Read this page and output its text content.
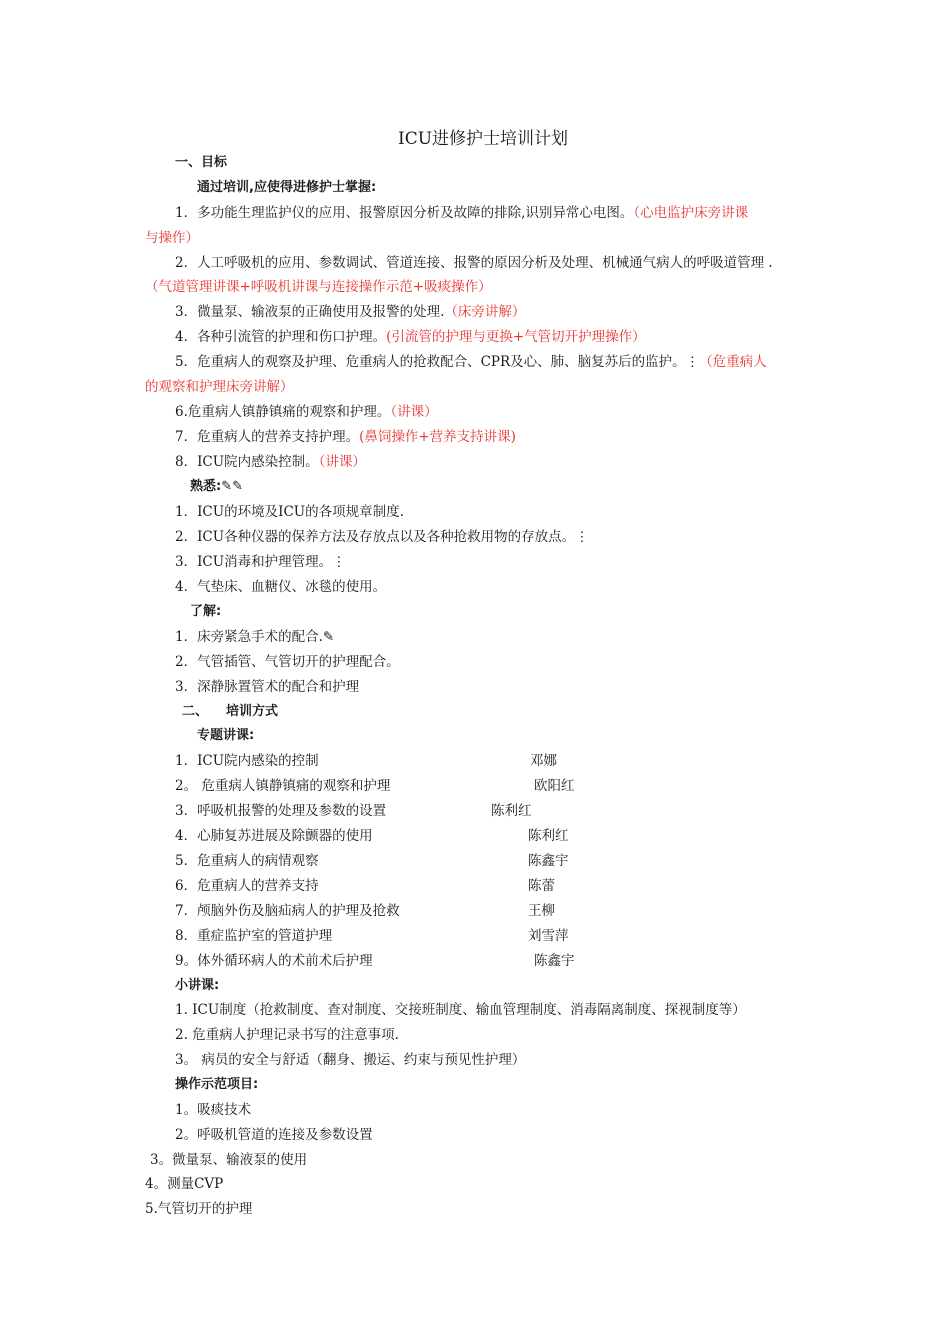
ICU进修护士培训计划
一、目标
通过培训,应使得进修护士掌握:
1．多功能生理监护仪的应用、报警原因分析及故障的排除,识别异常心电图。（心电监护床旁讲课
与操作）
2．人工呼吸机的应用、参数调试、管道连接、报警的原因分析及处理、机械通气病人的呼吸道管理 .
（气道管理讲课+呼吸机讲课与连接操作示范+吸痰操作）
3．微量泵、输液泵的正确使用及报警的处理.（床旁讲解）
4．各种引流管的护理和伤口护理。(引流管的护理与更换+气管切开护理操作）
5．危重病人的观察及护理、危重病人的抢救配合、CPR及心、肺、脑复苏后的监护。⋮（危重病人
的观察和护理床旁讲解）
6.危重病人镇静镇痛的观察和护理。（讲课）
7．危重病人的营养支持护理。(鼻饲操作+营养支持讲课)
8．ICU院内感染控制。（讲课）
熟悉:✎✎
1．ICU的环境及ICU的各项规章制度.
2．ICU各种仪器的保养方法及存放点以及各种抢救用物的存放点。⋮
3．ICU消毒和护理管理。⋮
4．气垫床、血糖仪、冰毯的使用。
了解:
1．床旁紧急手术的配合.✎
2．气管插管、气管切开的护理配合。
3．深静脉置管术的配合和护理
二、 培训方式
专题讲课:
1．ICU院内感染的控制	邓娜
2。 危重病人镇静镇痛的观察和护理	欧阳红
3．呼吸机报警的处理及参数的设置	陈利红
4．心肺复苏进展及除颤器的使用	陈利红
5．危重病人的病情观察	陈鑫宇
6．危重病人的营养支持	陈蕾
7．颅脑外伤及脑疝病人的护理及抢救	王柳
8．重症监护室的管道护理	刘雪萍
9。体外循环病人的术前术后护理	陈鑫宇
小讲课:
1. ICU制度（抢救制度、查对制度、交接班制度、输血管理制度、消毒隔离制度、探视制度等）
2. 危重病人护理记录书写的注意事项.
3。 病员的安全与舒适（翻身、搬运、约束与预见性护理）
操作示范项目:
1。吸痰技术
2。呼吸机管道的连接及参数设置
3。微量泵、输液泵的使用
4。测量CVP
5.气管切开的护理
